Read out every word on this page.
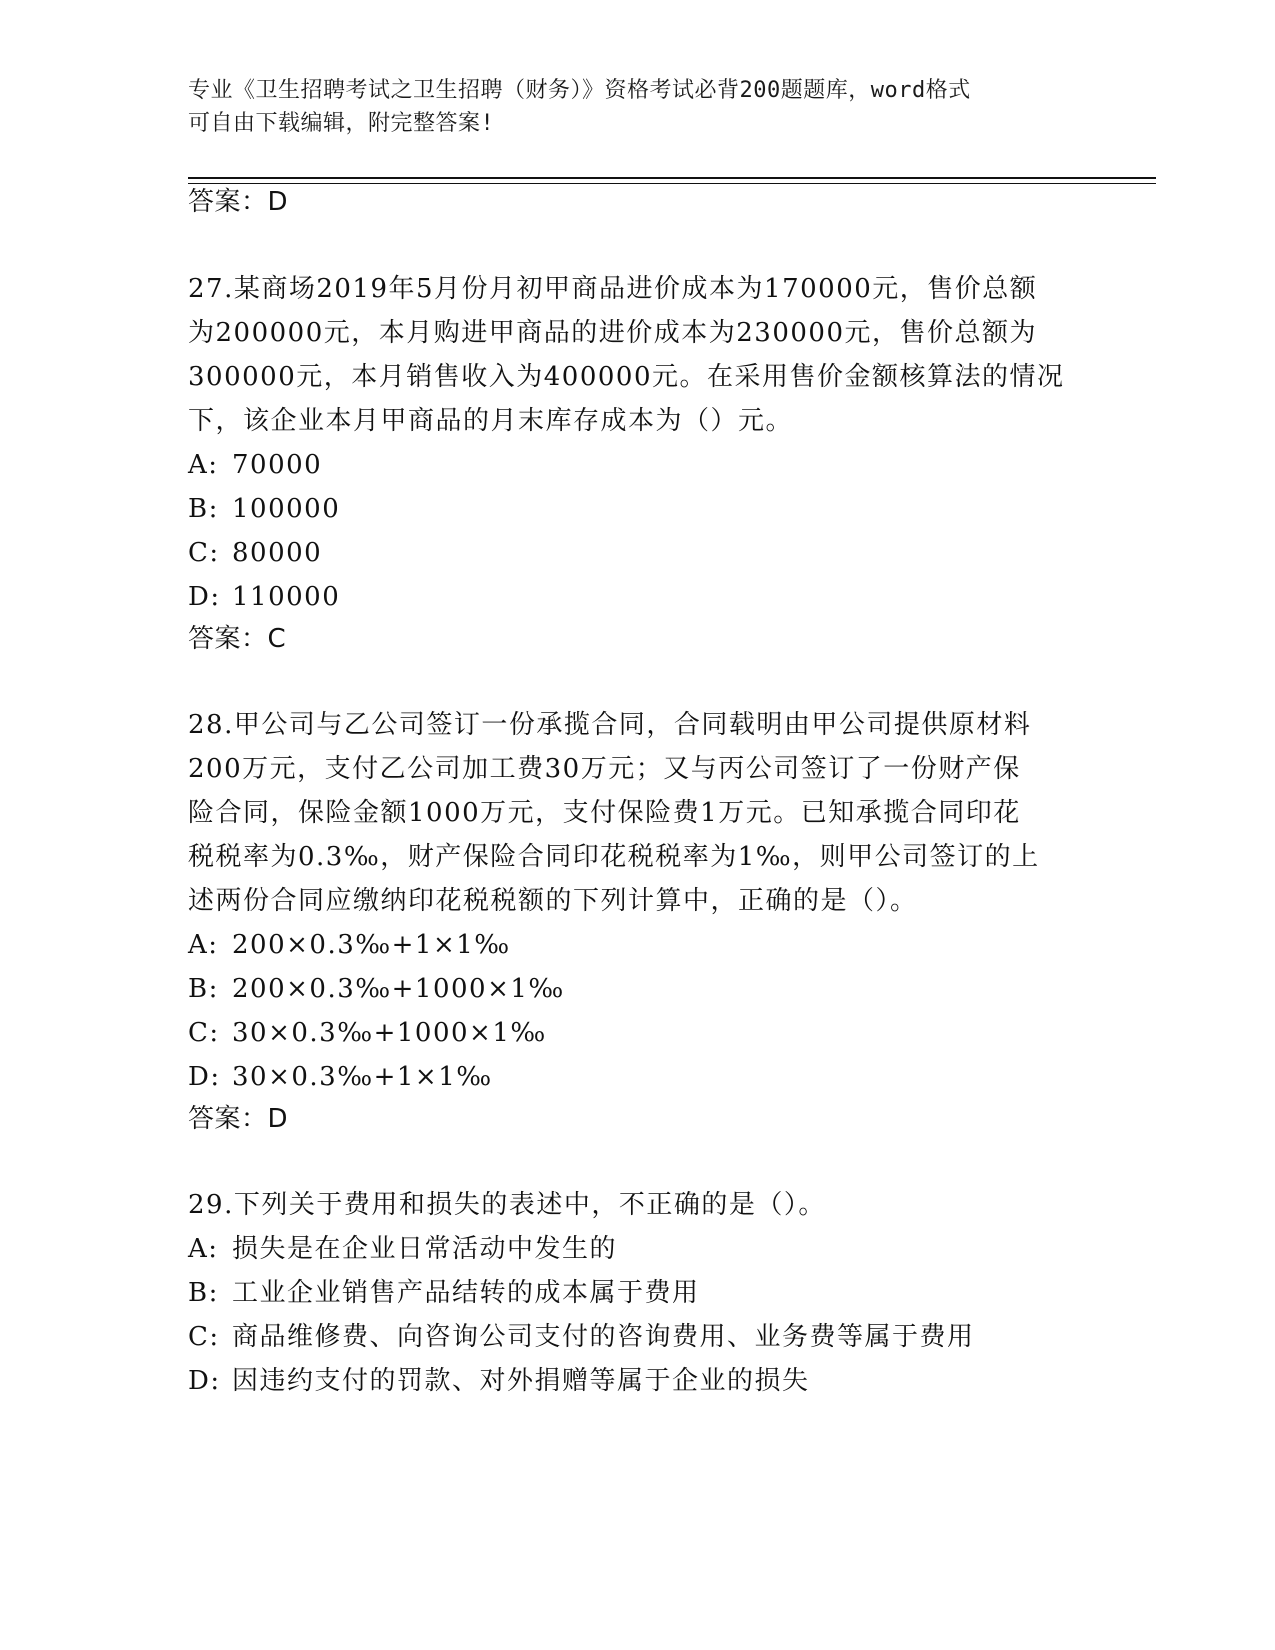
专业《卫生招聘考试之卫生招聘（财务）》资格考试必背200题题库，word格式
可自由下载编辑，附完整答案!
答案：D
27.某商场2019年5月份月初甲商品进价成本为170000元，售价总额
为200000元，本月购进甲商品的进价成本为230000元，售价总额为
300000元，本月销售收入为400000元。在采用售价金额核算法的情况
下，该企业本月甲商品的月末库存成本为（）元。
A: 70000
B: 100000
C: 80000
D: 110000
答案：C
28.甲公司与乙公司签订一份承揽合同，合同载明由甲公司提供原材料
200万元，支付乙公司加工费30万元；又与丙公司签订了一份财产保
险合同，保险金额1000万元，支付保险费1万元。已知承揽合同印花
税税率为0.3‰，财产保险合同印花税税率为1‰，则甲公司签订的上
述两份合同应缴纳印花税税额的下列计算中，正确的是（）。
A: 200×0.3‰+1×1‰
B: 200×0.3‰+1000×1‰
C: 30×0.3‰+1000×1‰
D: 30×0.3‰+1×1‰
答案：D
29.下列关于费用和损失的表述中，不正确的是（）。
A: 损失是在企业日常活动中发生的
B: 工业企业销售产品结转的成本属于费用
C: 商品维修费、向咨询公司支付的咨询费用、业务费等属于费用
D: 因违约支付的罚款、对外捐赠等属于企业的损失
